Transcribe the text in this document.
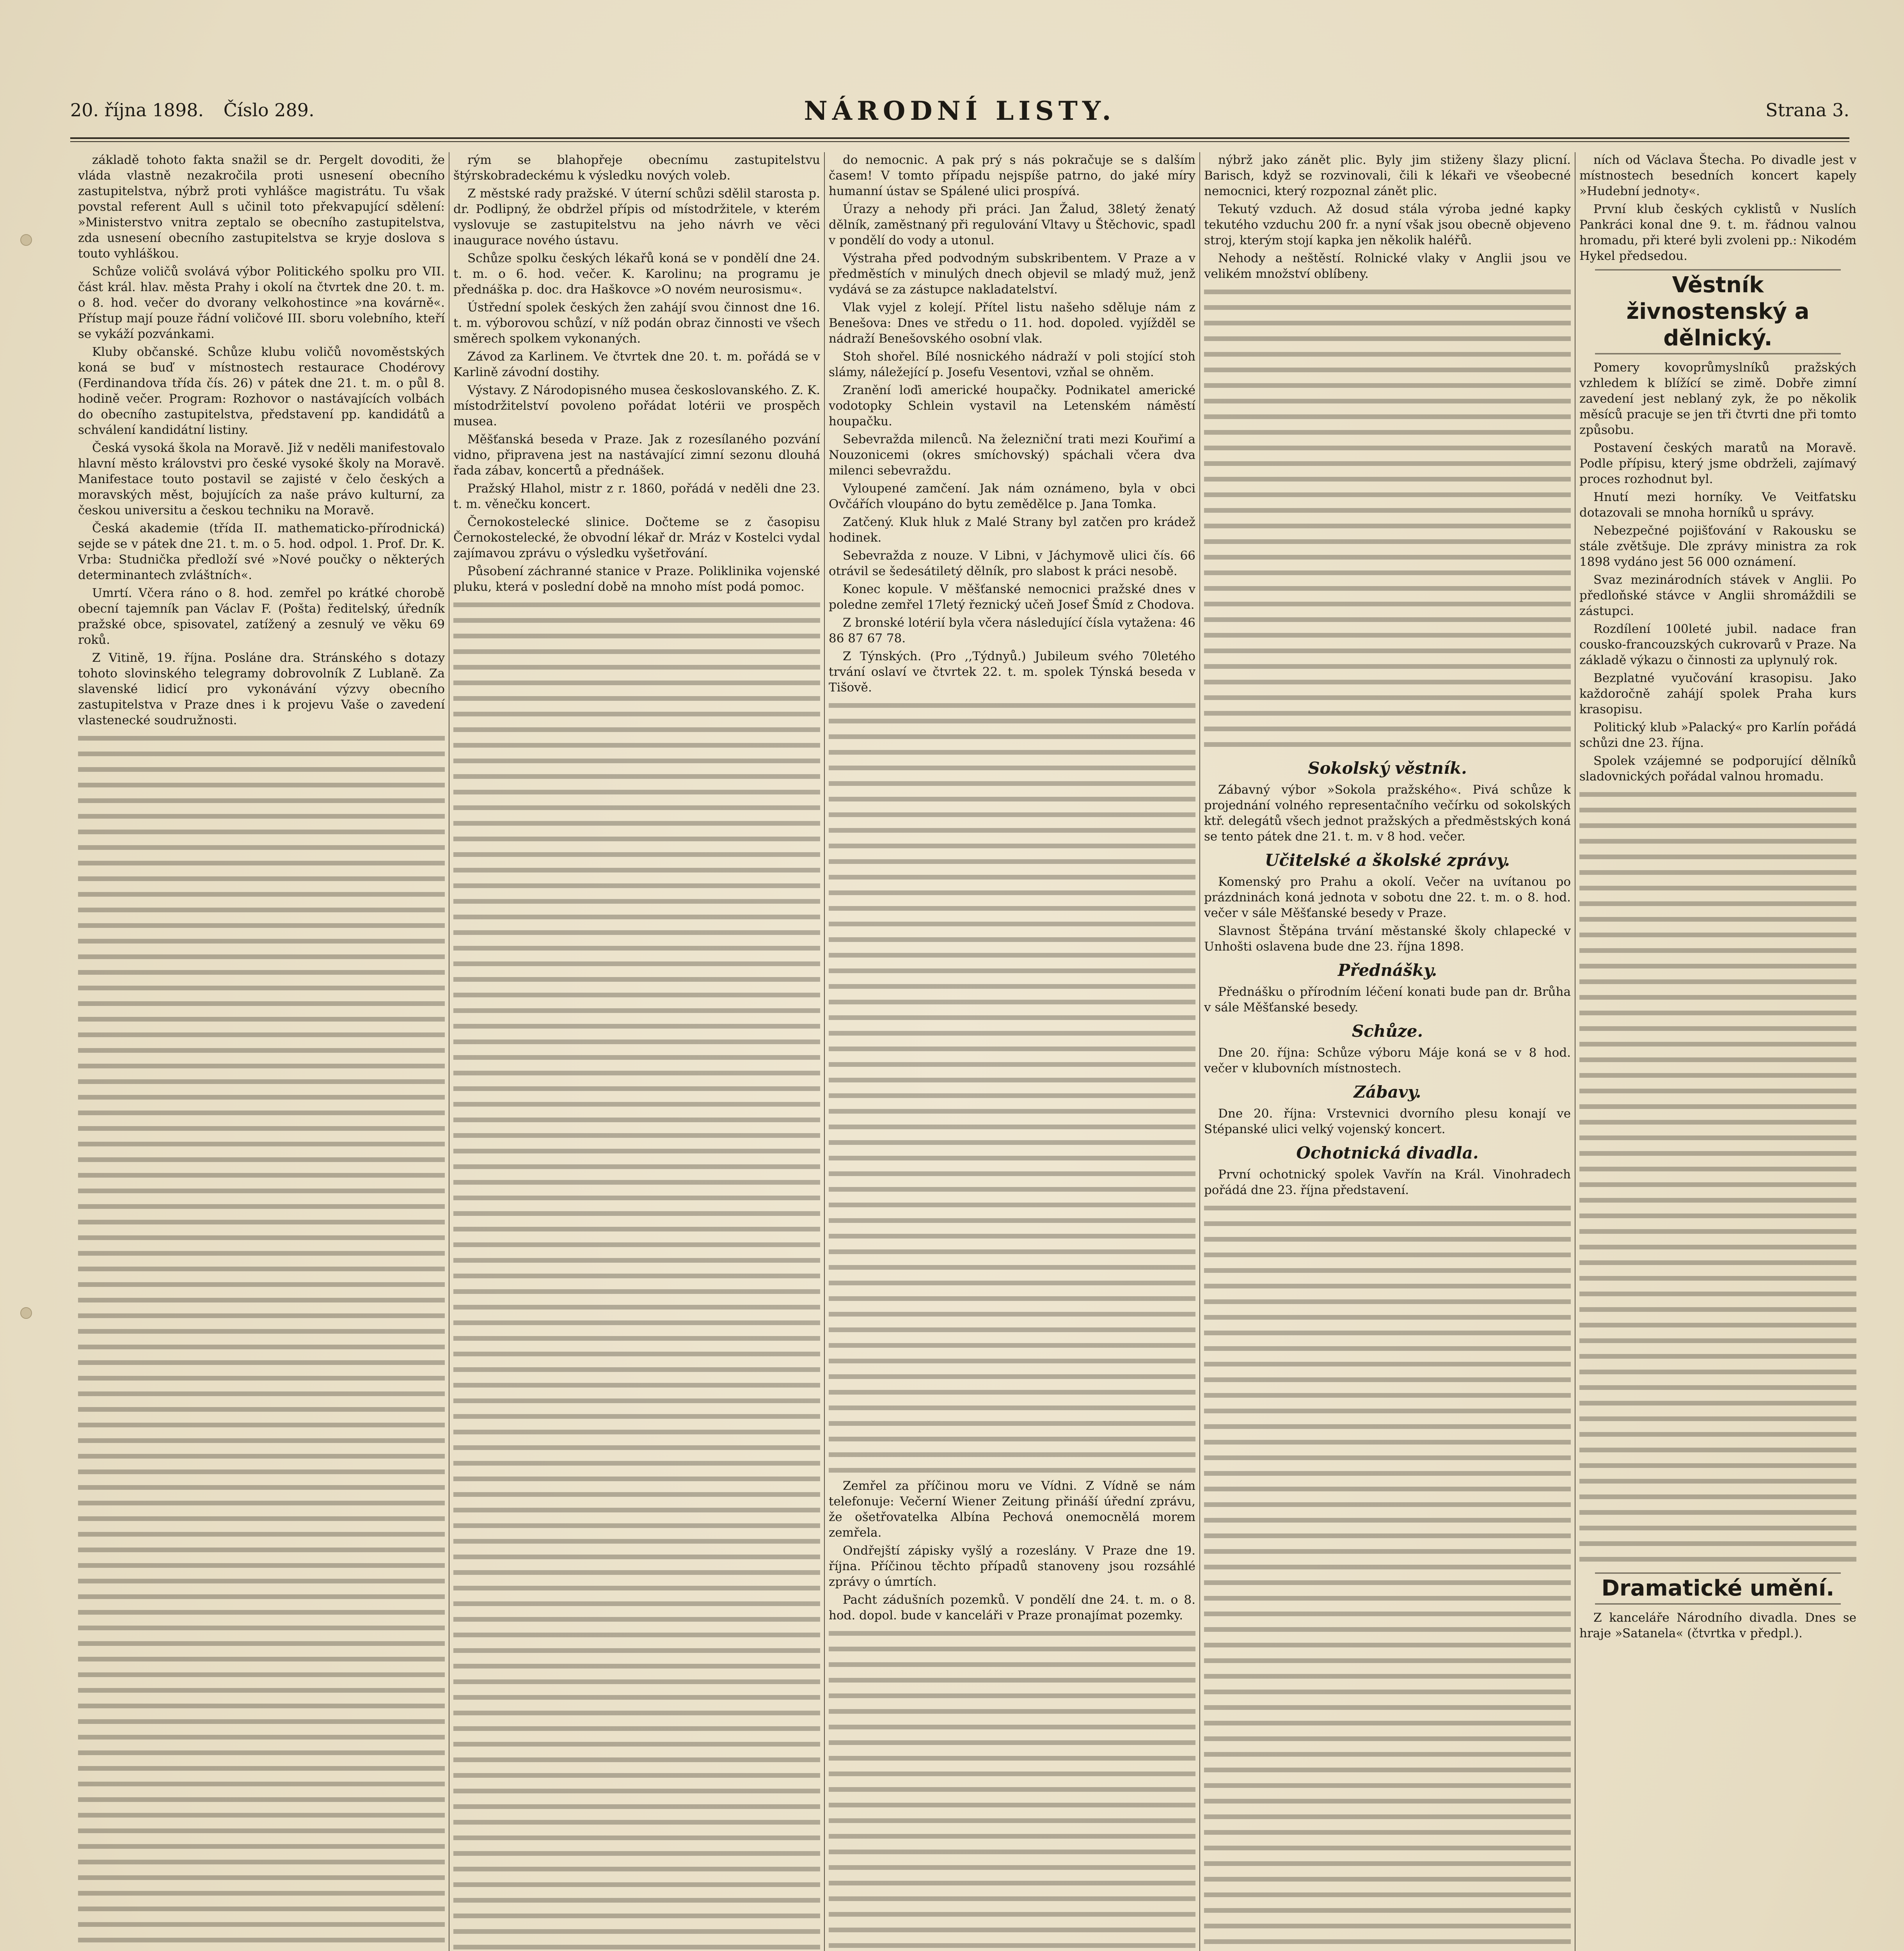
20. října 1898. Číslo 289.	NÁRODNÍ LISTY.	Strana 3.

základě tohoto fakta snažil se dr. Pergelt dovoditi, že vláda vlastně nezakročila proti usnesení obecního zastupitelstva, nýbrž proti vyhlášce magistrátu. Tu však povstal referent Aull s učinil toto překvapující sdělení: »Ministerstvo vnitra zeptalo se obecního zastupitelstva, zda usnesení obecního zastupitelstva se kryje doslova s touto vyhláškou.

Schůze voličů svolává výbor Politického spolku pro VII. část král. hlav. města Prahy i okolí na čtvrtek dne 20. t. m. o 8. hod. večer do dvorany velkohostince »na kovárně«. Přístup mají pouze řádní voličové III. sboru volebního, kteří se vykáží pozvánkami.

Kluby občanské. Schůze klubu voličů novoměstských koná se buď v místnostech restaurace Chodérovy (Ferdinandova třída čís. 26) v pátek dne 21. t. m. o půl 8. hodině večer. Program: Rozhovor o nastávajících volbách do obecního zastupitelstva, představení pp. kandidátů a schválení kandidátní listiny.

Česká vysoká škola na Moravě. Již v neděli manifestovalo hlavní město královstvi pro české vysoké školy na Moravě. Manifestace touto postavil se zajisté v čelo českých a moravských měst, bojujících za naše právo kulturní, za českou universitu a českou techniku na Moravě.

Česká akademie (třída II. mathematicko-přírodnická) sejde se v pátek dne 21. t. m. o 5. hod. odpol. 1. Prof. Dr. K. Vrba: Studnička předloží své »Nové poučky o některých determinantech zvláštních«.

Umrtí. Včera ráno o 8. hod. zemřel po krátké chorobě obecní tajemník pan Václav F. (Pošta) ředitelský, úředník pražské obce, spisovatel, zatížený a zesnulý ve věku 69 roků.

Z Vitině, 19. října. Posláne dra. Stránského s dotazy tohoto slovinského telegramy dobrovolník Z Lublaně. Za slavenské lidicí pro vykonávání výzvy obecního zastupitelstva v Praze dnes i k projevu Vaše o zavedení vlastenecké soudružnosti.

rým se blahopřeje obecnímu zastupitelstvu štýrskobradeckému k výsledku nových voleb.

Z městské rady pražské. V úterní schůzi sdělil starosta p. dr. Podlipný, že obdržel přípis od místodržitele, v kterém vyslovuje se zastupitelstvu na jeho návrh ve věci inaugurace nového ústavu.

Schůze spolku českých lékařů koná se v pondělí dne 24. t. m. o 6. hod. večer. K. Karolinu; na programu je přednáška p. doc. dra Haškovce »O novém neurosismu«.

Ústřední spolek českých žen zahájí svou činnost dne 16. t. m. výborovou schůzí, v níž podán obraz činnosti ve všech směrech spolkem vykonaných.

Závod za Karlinem. Ve čtvrtek dne 20. t. m. pořádá se v Karlině závodní dostihy.

Výstavy. Z Národopisného musea českoslovanského. Z. K. místodržitelství povoleno pořádat lotérii ve prospěch musea.

Měšťanská beseda v Praze. Jak z rozesílaného pozvání vidno, připravena jest na nastávající zimní sezonu dlouhá řada zábav, koncertů a přednášek.

Pražský Hlahol, mistr z r. 1860, pořádá v neděli dne 23. t. m. věnečku koncert.

Černokostelecké slinice. Dočteme se z časopisu Černokostelecké, že obvodní lékař dr. Mráz v Kostelci vydal zajímavou zprávu o výsledku vyšetřování.

Působení záchranné stanice v Praze. Poliklinika vojenské pluku, která v poslední době na mnoho míst podá pomoc.

do nemocnic. A pak prý s nás pokračuje se s dalším časem! V tomto případu nejspíše patrno, do jaké míry humanní ústav se Spálené ulici prospívá.

Úrazy a nehody při práci. Jan Žalud, 38letý ženatý dělník, zaměstnaný při regulování Vltavy u Štěchovic, spadl v pondělí do vody a utonul.

Výstraha před podvodným subskribentem. V Praze a v předměstích v minulých dnech objevil se mladý muž, jenž vydává se za zástupce nakladatelství.

Vlak vyjel z kolejí. Přítel listu našeho sděluje nám z Benešova: Dnes ve středu o 11. hod. dopoled. vyjížděl se nádraží Benešovského osobní vlak.

Stoh shořel. Bílé nosnického nádraží v poli stojící stoh slámy, náležející p. Josefu Vesentovi, vzňal se ohněm.

Zranění loďi americké houpačky. Podnikatel americké vodotopky Schlein vystavil na Letenském náměstí houpačku.

Sebevražda milenců. Na železniční trati mezi Kouřimí a Nouzonicemi (okres smíchovský) spáchali včera dva milenci sebevraždu.

Vyloupené zamčení. Jak nám oznámeno, byla v obci Ovčářích vloupáno do bytu zemědělce p. Jana Tomka.

Zatčený. Kluk hluk z Malé Strany byl zatčen pro krádež hodinek.

Sebevražda z nouze. V Libni, v Jáchymově ulici čís. 66 otrávil se šedesátiletý dělník, pro slabost k práci nesobě.

Konec kopule. V měšťanské nemocnici pražské dnes v poledne zemřel 17letý řeznický učeň Josef Šmíd z Chodova.

Z bronské lotérií byla včera následující čísla vytažena: 46 86 87 67 78.

Z Týnských. (Pro ,,Týdnyů.) Jubileum svého 70letého trvání oslaví ve čtvrtek 22. t. m. spolek Týnská beseda v Tišově.

Zemřel za příčinou moru ve Vídni. Z Vídně se nám telefonuje: Večerní Wiener Zeitung přináší úřední zprávu, že ošetřovatelka Albína Pechová onemocnělá morem zemřela.

Ondřejští zápisky vyšlý a rozeslány. V Praze dne 19. října. Příčinou těchto případů stanoveny jsou rozsáhlé zprávy o úmrtích.

Pacht zádušních pozemků. V pondělí dne 24. t. m. o 8. hod. dopol. bude v kanceláři v Praze pronajímat pozemky.

nýbrž jako zánět plic. Byly jim stiženy šlazy plicní. Barisch, když se rozvinovali, čili k lékaři ve všeobecné nemocnici, který rozpoznal zánět plic.

Tekutý vzduch. Až dosud stála výroba jedné kapky tekutého vzduchu 200 fr. a nyní však jsou obecně objeveno stroj, kterým stojí kapka jen několik haléřů.

Nehody a neštěstí. Rolnické vlaky v Anglii jsou ve velikém množství oblíbeny.

Sokolský věstník.

Zábavný výbor »Sokola pražského«. Pivá schůze k projednání volného representačního večírku od sokolských ktř. delegátů všech jednot pražských a předměstských koná se tento pátek dne 21. t. m. v 8 hod. večer.

Učitelské a školské zprávy.

Komenský pro Prahu a okolí. Večer na uvítanou po prázdninách koná jednota v sobotu dne 22. t. m. o 8. hod. večer v sále Měšťanské besedy v Praze.

Slavnost Štěpána trvání městanské školy chlapecké v Unhošti oslavena bude dne 23. října 1898.

Přednášky.

Přednášku o přírodním léčení konati bude pan dr. Brůha v sále Měšťanské besedy.

Schůze.

Dne 20. října: Schůze výboru Máje koná se v 8 hod. večer v klubovních místnostech.

Zábavy.

Dne 20. října: Vrstevnici dvorního plesu konají ve Stépanské ulici velký vojenský koncert.

Ochotnická divadla.

První ochotnický spolek Vavřín na Král. Vinohradech pořádá dne 23. října představení.

ních od Václava Štecha. Po divadle jest v místnostech besedních koncert kapely »Hudební jednoty«.

První klub českých cyklistů v Nuslích Pankráci konal dne 9. t. m. řádnou valnou hromadu, při které byli zvoleni pp.: Nikodém Hykel předsedou.

Věstník živnostenský a dělnický.

Pomery kovoprůmyslníků pražských vzhledem k blížící se zimě. Dobře zimní zavedení jest neblaný zyk, že po několik měsíců pracuje se jen tři čtvrti dne při tomto způsobu.

Postavení českých maratů na Moravě. Podle přípisu, který jsme obdrželi, zajímavý proces rozhodnut byl.

Hnutí mezi horníky. Ve Veitfatsku dotazovali se mnoha horníků u správy.

Nebezpečné pojišťování v Rakousku se stále zvětšuje. Dle zprávy ministra za rok 1898 vydáno jest 56 000 oznámení.

Svaz mezinárodních stávek v Anglii. Po předloňské stávce v Anglii shromáždili se zástupci.

Rozdílení 100leté jubil. nadace fran cousko-francouzských cukrovarů v Praze. Na základě výkazu o činnosti za uplynulý rok.

Bezplatné vyučování krasopisu. Jako každoročně zahájí spolek Praha kurs krasopisu.

Politický klub »Palacký« pro Karlín pořádá schůzi dne 23. října.

Spolek vzájemné se podporující dělníků sladovnických pořádal valnou hromadu.

Dramatické umění.

Z kanceláře Národního divadla. Dnes se hraje »Satanela« (čtvrtka v předpl.).
